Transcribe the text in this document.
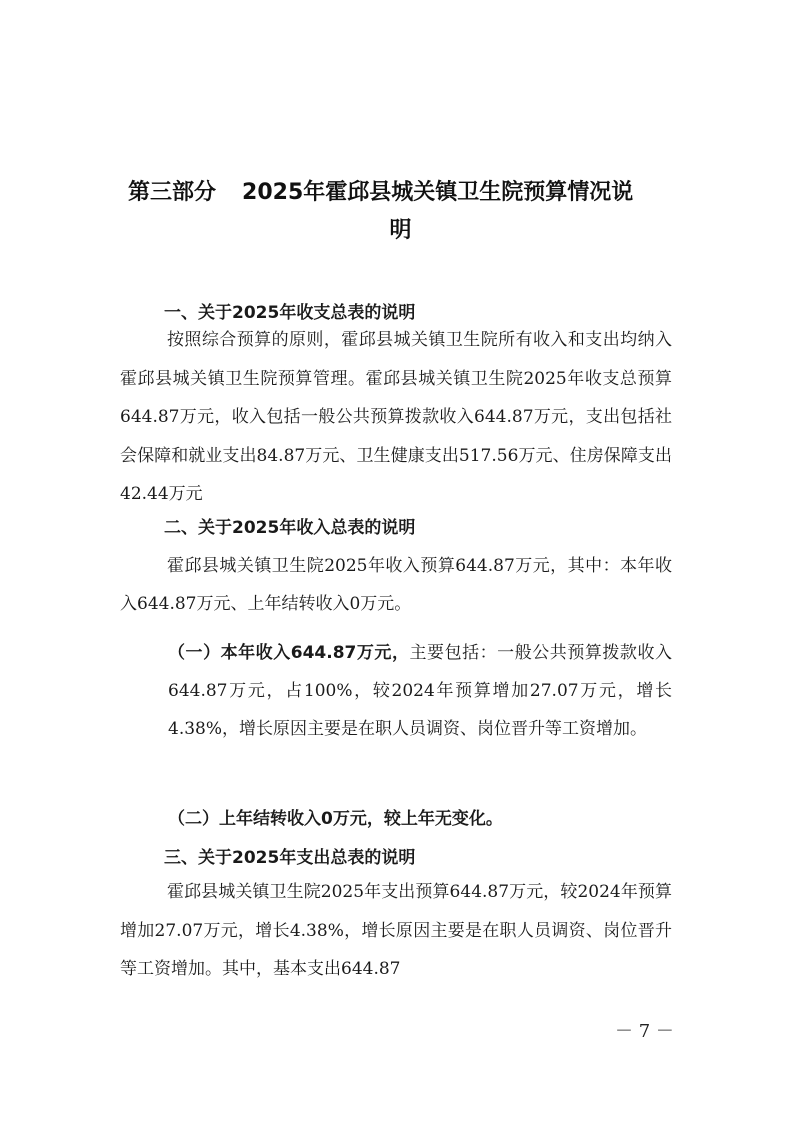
第三部分 2025年霍邱县城关镇卫生院预算情况说
明
一、关于2025年收支总表的说明
按照综合预算的原则，霍邱县城关镇卫生院所有收入和支出均纳入霍邱县城关镇卫生院预算管理。霍邱县城关镇卫生院2025年收支总预算644.87万元，收入包括一般公共预算拨款收入644.87万元，支出包括社会保障和就业支出84.87万元、卫生健康支出517.56万元、住房保障支出42.44万元
二、关于2025年收入总表的说明
霍邱县城关镇卫生院2025年收入预算644.87万元，其中：本年收入644.87万元、上年结转收入0万元。
（一）本年收入644.87万元，主要包括：一般公共预算拨款收入644.87万元，占100%，较2024年预算增加27.07万元，增长4.38%，增长原因主要是在职人员调资、岗位晋升等工资增加。
（二）上年结转收入0万元，较上年无变化。
三、关于2025年支出总表的说明
霍邱县城关镇卫生院2025年支出预算644.87万元，较2024年预算增加27.07万元，增长4.38%，增长原因主要是在职人员调资、岗位晋升等工资增加。其中，基本支出644.87
－ 7 －
